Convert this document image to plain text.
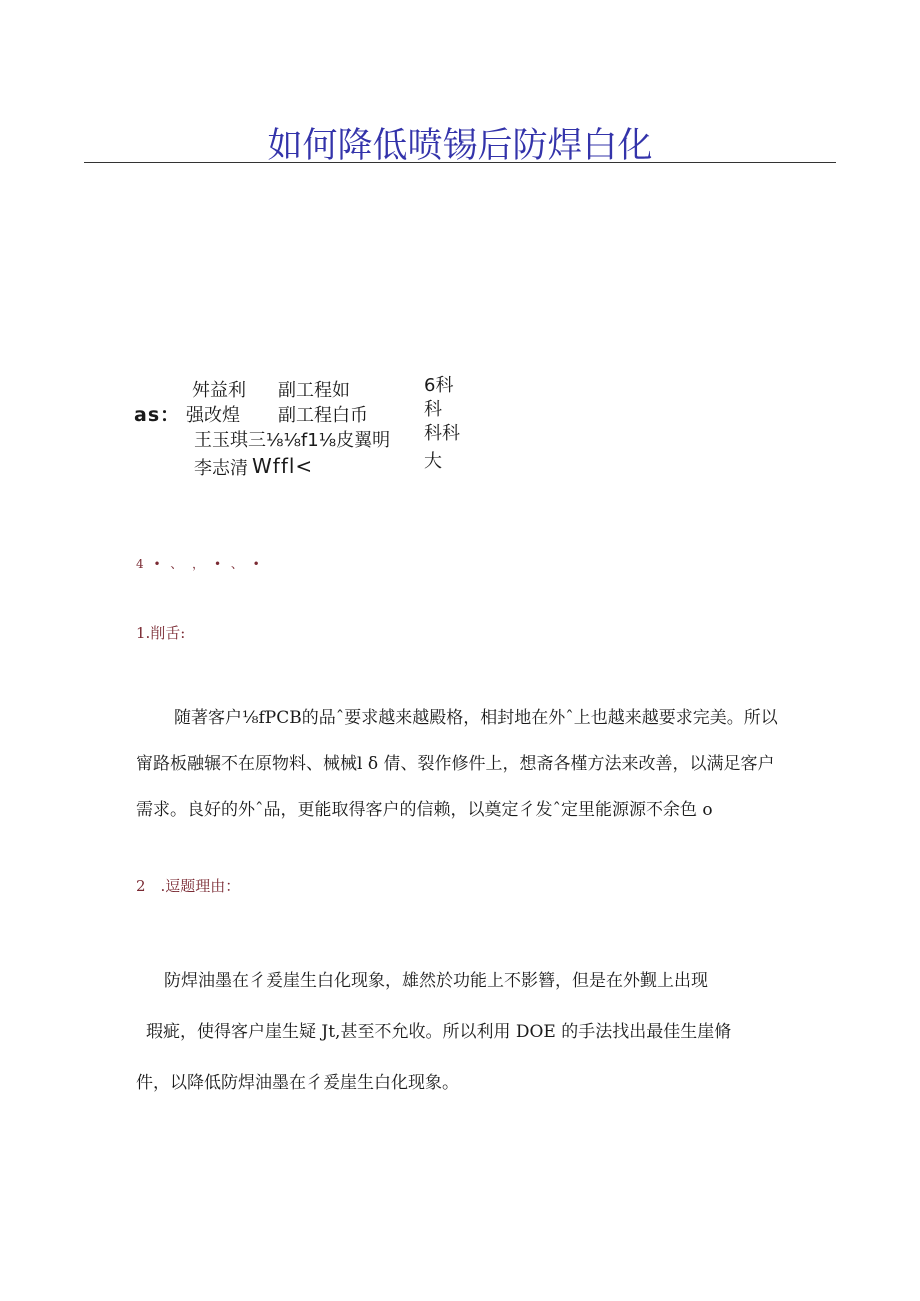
如何降低喷锡后防焊白化
as：
舛益利 副工程如
强改煌 副工程白币
王玉琪三⅛⅛f1⅛皮翼明
李志清 Wffl<
6科
科
科科
大
4 • 、 ， • 、 •
1.削舌:

随著客户⅛fPCB的品ˆ要求越来越殿格，相封地在外ˆ上也越来越要求完美。所以
甯路板融辗不在原物料、械械l δ 倩、裂作修件上，想斋各槿方法来改善，以满足客户
需求。良好的外ˆ品，更能取得客户的信赖，以奠定彳发ˆ定里能源源不余色 o

2　.逗题理由：

防焊油墨在彳爰崖生白化现象，雄然於功能上不影簪，但是在外觐上出现
瑕疵，使得客户崖生疑 Jt,甚至不允收。所以利用 DOE 的手法找出最佳生崖脩
件，以降低防焊油墨在彳爰崖生白化现象。
